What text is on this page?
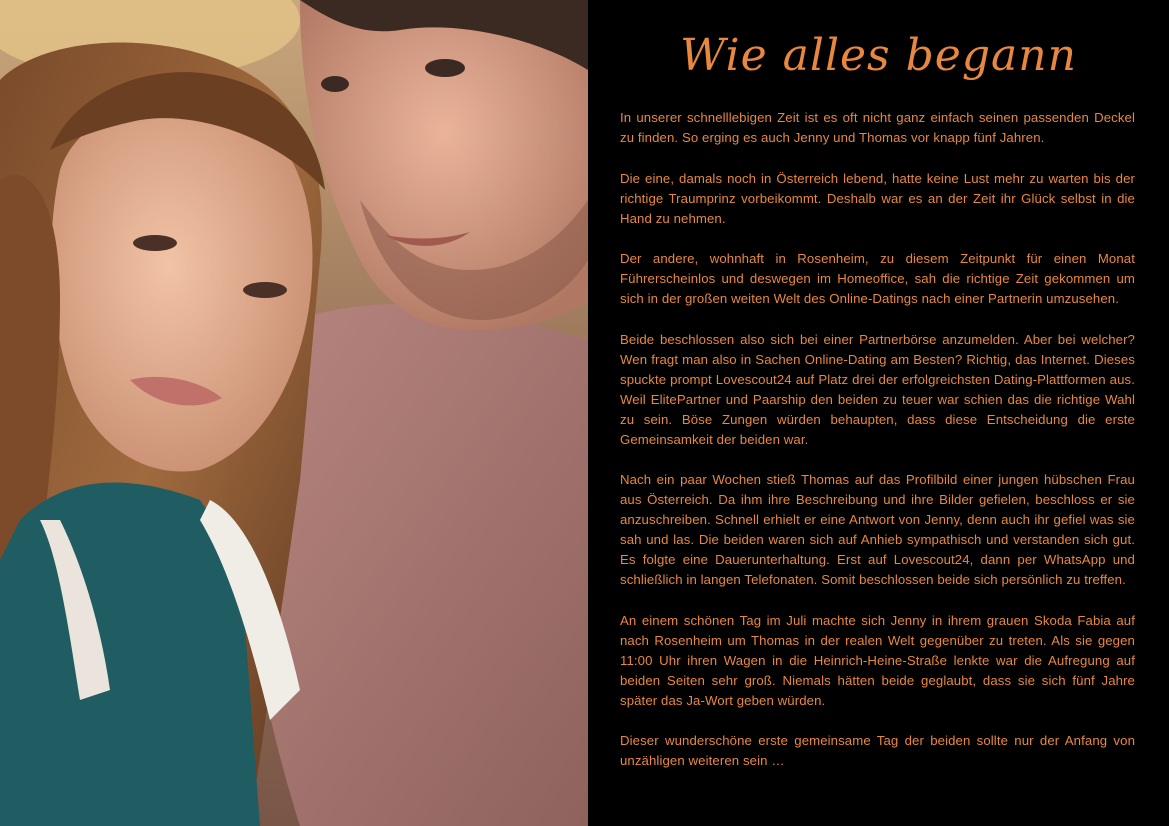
Wie alles begann

In unserer schnelllebigen Zeit ist es oft nicht ganz einfach seinen passenden Deckel zu finden. So erging es auch Jenny und Thomas vor knapp fünf Jahren.

Die eine, damals noch in Österreich lebend, hatte keine Lust mehr zu warten bis der richtige Traumprinz vorbeikommt. Deshalb war es an der Zeit ihr Glück selbst in die Hand zu nehmen.

Der andere, wohnhaft in Rosenheim, zu diesem Zeitpunkt für einen Monat Führerscheinlos und deswegen im Homeoffice, sah die richtige Zeit gekommen um sich in der großen weiten Welt des Online-Datings nach einer Partnerin umzusehen.

Beide beschlossen also sich bei einer Partnerbörse anzumelden. Aber bei welcher? Wen fragt man also in Sachen Online-Dating am Besten? Richtig, das Internet. Dieses spuckte prompt Lovescout24 auf Platz drei der erfolgreichsten Dating-Plattformen aus. Weil ElitePartner und Paarship den beiden zu teuer war schien das die richtige Wahl zu sein. Böse Zungen würden behaupten, dass diese Entscheidung die erste Gemeinsamkeit der beiden war.

Nach ein paar Wochen stieß Thomas auf das Profilbild einer jungen hübschen Frau aus Österreich. Da ihm ihre Beschreibung und ihre Bilder gefielen, beschloss er sie anzuschreiben. Schnell erhielt er eine Antwort von Jenny, denn auch ihr gefiel was sie sah und las. Die beiden waren sich auf Anhieb sympathisch und verstanden sich gut. Es folgte eine Dauerunterhaltung. Erst auf Lovescout24, dann per WhatsApp und schließlich in langen Telefonaten. Somit beschlossen beide sich persönlich zu treffen.

An einem schönen Tag im Juli machte sich Jenny in ihrem grauen Skoda Fabia auf nach Rosenheim um Thomas in der realen Welt gegenüber zu treten. Als sie gegen 11:00 Uhr ihren Wagen in die Heinrich-Heine-Straße lenkte war die Aufregung auf beiden Seiten sehr groß. Niemals hätten beide geglaubt, dass sie sich fünf Jahre später das Ja-Wort geben würden.

Dieser wunderschöne erste gemeinsame Tag der beiden sollte nur der Anfang von unzähligen weiteren sein …
